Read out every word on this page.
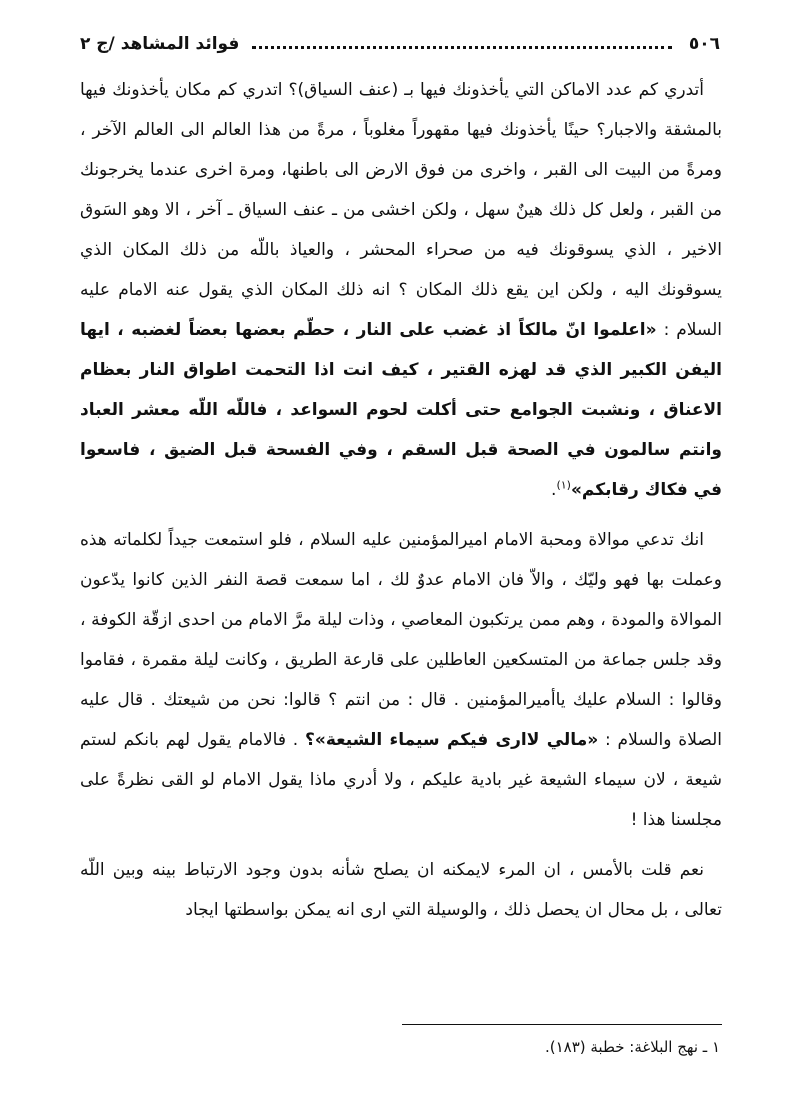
٥٠٦
فوائد المشاهد /ج ٢

أتدري كم عدد الاماكن التي يأخذونك فيها بـ (عنف السياق)؟ اتدري كم مكان يأخذونك فيها بالمشقة والاجبار؟ حينًا يأخذونك فيها مقهوراً مغلوباً ، مرةً من هذا العالم الى العالم الآخر ، ومرةً من البيت الى القبر ، واخرى من فوق الارض الى باطنها، ومرة اخرى عندما يخرجونك من القبر ، ولعل كل ذلك هينٌ سهل ، ولكن اخشى من ـ عنف السياق ـ آخر ، الا وهو السَوق الاخير ، الذي يسوقونك فيه من صحراء المحشر ، والعياذ باللّه من ذلك المكان الذي يسوقونك اليه ، ولكن اين يقع ذلك المكان ؟ انه ذلك المكان الذي يقول عنه الامام عليه السلام : «اعلموا انّ مالكاً اذ غضب على النار ، حطّم بعضها بعضاً لغضبه ، ايها اليفن الكبير الذي قد لهزه القتير ، كيف انت اذا التحمت اطواق النار بعظام الاعناق ، ونشبت الجوامع حتى أكلت لحوم السواعد ، فاللّه اللّه معشر العباد وانتم سالمون في الصحة قبل السقم ، وفي الفسحة قبل الضيق ، فاسعوا في فكاك رقابكم»$^{(١)}$.

انك تدعي موالاة ومحبة الامام اميرالمؤمنين عليه السلام ، فلو استمعت جيداً لكلماته هذه وعملت بها فهو وليّك ، والاّ فان الامام عدوٌ لك ، اما سمعت قصة النفر الذين كانوا يدّعون الموالاة والمودة ، وهم ممن يرتكبون المعاصي ، وذات ليلة مرَّ الامام من احدى ازقّة الكوفة ، وقد جلس جماعة من المتسكعين العاطلين على قارعة الطريق ، وكانت ليلة مقمرة ، فقاموا وقالوا : السلام عليك ياأميرالمؤمنين . قال : من انتم ؟ قالوا: نحن من شيعتك . قال عليه الصلاة والسلام : «مالي لاارى فيكم سيماء الشيعة»؟ . فالامام يقول لهم بانكم لستم شيعة ، لان سيماء الشيعة غير بادية عليكم ، ولا أدري ماذا يقول الامام لو القى نظرةً على مجلسنا هذا !

نعم قلت بالأمس ، ان المرء لايمكنه ان يصلح شأنه بدون وجود الارتباط بينه وبين اللّه تعالى ، بل محال ان يحصل ذلك ، والوسيلة التي ارى انه يمكن بواسطتها ايجاد

١ ـ نهج البلاغة: خطبة (١٨٣).
